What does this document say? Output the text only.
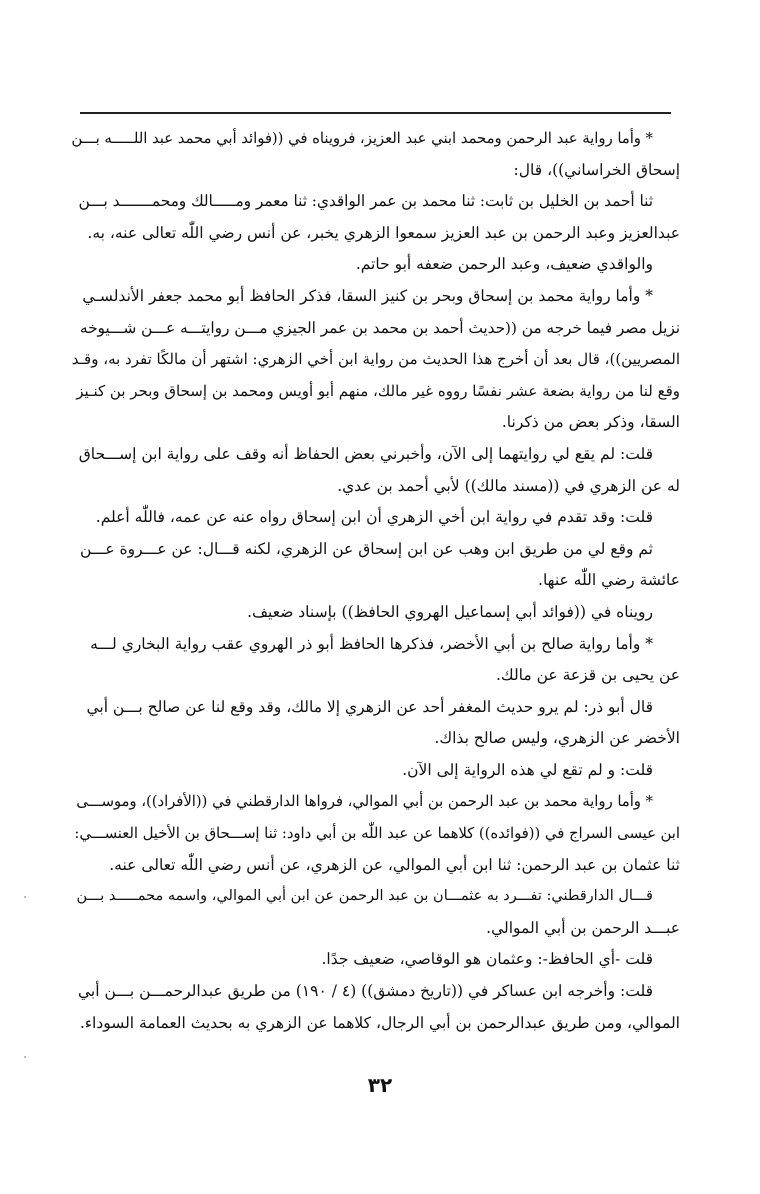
* وأما رواية عبد الرحمن ومحمد ابني عبد العزيز، فرويناه في ((فوائد أبي محمد عبد اللـــــه بـــن

إسحاق الخراساني))، قال:

ثنا أحمد بن الخليل بن ثابت: ثنا محمد بن عمر الواقدي: ثنا معمر ومـــــالك ومحمـــــــد بـــن

عبدالعزيز وعبد الرحمن بن عبد العزيز سمعوا الزهري يخبر، عن أنس رضي اللّٰه تعالى عنه، به.

والواقدي ضعيف، وعبد الرحمن ضعفه أبو حاتم.

* وأما رواية محمد بن إسحاق وبحر بن كنيز السقا، فذكر الحافظ أبو محمد جعفر الأندلسـي

نزيل مصر فيما خرجه من ((حديث أحمد بن محمد بن عمر الجيزي مـــن روايتـــه عـــن شـــيوخه

المصريين))، قال بعد أن أخرج هذا الحديث من رواية ابن أخي الزهري: اشتهر أن مالكًا تفرد به، وقـد

وقع لنا من رواية بضعة عشر نفسًا رووه غير مالك، منهم أبو أويس ومحمد بن إسحاق وبحر بن كنـيز

السقا، وذكر بعض من ذكرنا.

قلت: لم يقع لي روايتهما إلى الآن، وأخبرني بعض الحفاظ أنه وقف على رواية ابن إســـحاق

له عن الزهري في ((مسند مالك)) لأبي أحمد بن عدي.

قلت: وقد تقدم في رواية ابن أخي الزهري أن ابن إسحاق رواه عنه عن عمه، فاللّٰه أعلم.

ثم وقع لي من طريق ابن وهب عن ابن إسحاق عن الزهري، لكنه قـــال: عن عـــروة عـــن

عائشة رضي اللّٰه عنها.

رويناه في ((فوائد أبي إسماعيل الهروي الحافظ)) بإسناد ضعيف.

* وأما رواية صالح بن أبي الأخضر، فذكرها الحافظ أبو ذر الهروي عقب رواية البخاري لـــه

عن يحيى بن قزعة عن مالك.

قال أبو ذر: لم يرو حديث المغفر أحد عن الزهري إلا مالك، وقد وقع لنا عن صالح بـــن أبي

الأخضر عن الزهري، وليس صالح بذاك.

قلت: و لم تقع لي هذه الرواية إلى الآن.

* وأما رواية محمد بن عبد الرحمن بن أبي الموالي، فرواها الدارقطني في ((الأفراد))، وموســـى

ابن عيسى السراج في ((فوائده)) كلاهما عن عبد اللّٰه بن أبي داود: ثنا إســـحاق بن الأخيل العنســـي:

ثنا عثمان بن عبد الرحمن: ثنا ابن أبي الموالي، عن الزهري، عن أنس رضي اللّٰه تعالى عنه.

قـــال الدارقطني: تفـــرد به عثمـــان بن عبد الرحمن عن ابن أبي الموالي، واسمه محمـــــد بـــن

عبـــد الرحمن بن أبي الموالي.

قلت -أي الحافظ-: وعثمان هو الوقاصي، ضعيف جدًا.

قلت: وأخرجه ابن عساكر في ((تاريخ دمشق)) (٤ / ١٩٠) من طريق عبدالرحمـــن بـــن أبي

الموالي، ومن طريق عبدالرحمن بن أبي الرجال، كلاهما عن الزهري به بحديث العمامة السوداء.

٣٢
